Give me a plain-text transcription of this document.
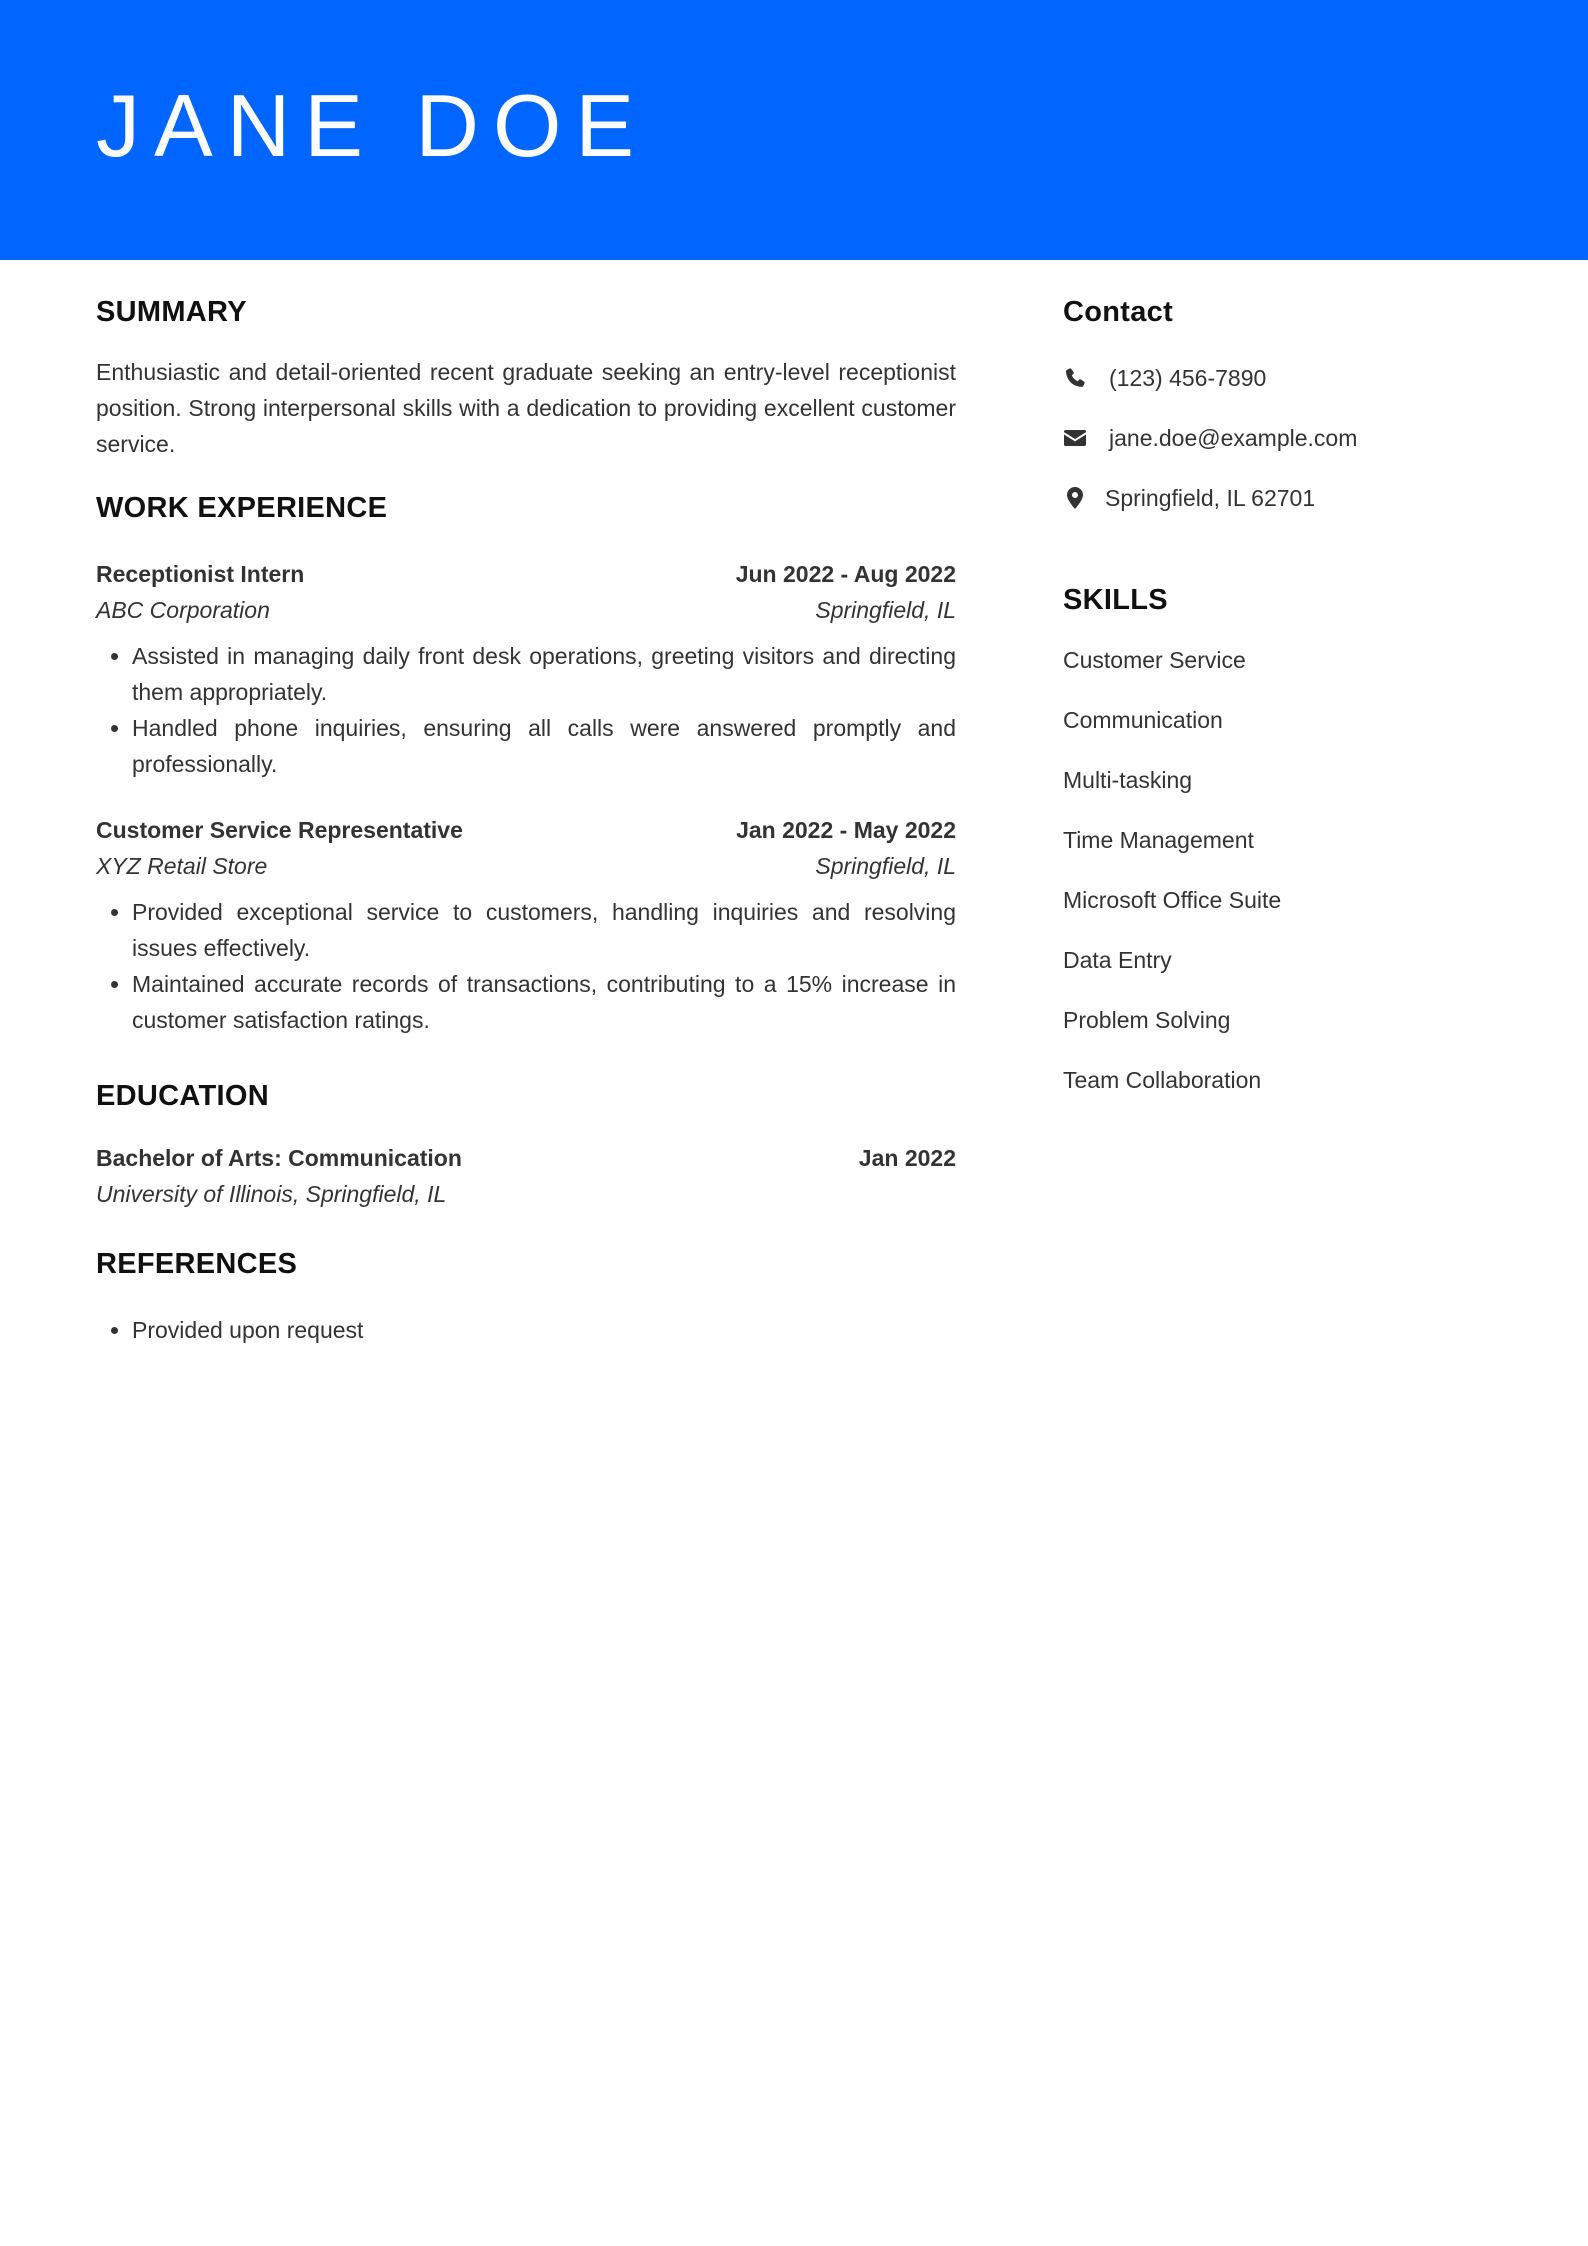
JANE DOE
SUMMARY

Enthusiastic and detail-oriented recent graduate seeking an entry-level receptionist position. Strong interpersonal skills with a dedication to providing excellent customer service.

WORK EXPERIENCE
Receptionist Intern	Jun 2022 - Aug 2022
ABC Corporation	Springfield, IL
• Assisted in managing daily front desk operations, greeting visitors and directing them appropriately.
• Handled phone inquiries, ensuring all calls were answered promptly and professionally.
Customer Service Representative	Jan 2022 - May 2022
XYZ Retail Store	Springfield, IL
• Provided exceptional service to customers, handling inquiries and resolving issues effectively.
• Maintained accurate records of transactions, contributing to a 15% increase in customer satisfaction ratings.
EDUCATION
Bachelor of Arts: Communication	Jan 2022
University of Illinois, Springfield, IL
REFERENCES
• Provided upon request
Contact
(123) 456-7890
jane.doe@example.com
Springfield, IL 62701
SKILLS
Customer Service
Communication
Multi-tasking
Time Management
Microsoft Office Suite
Data Entry
Problem Solving
Team Collaboration
